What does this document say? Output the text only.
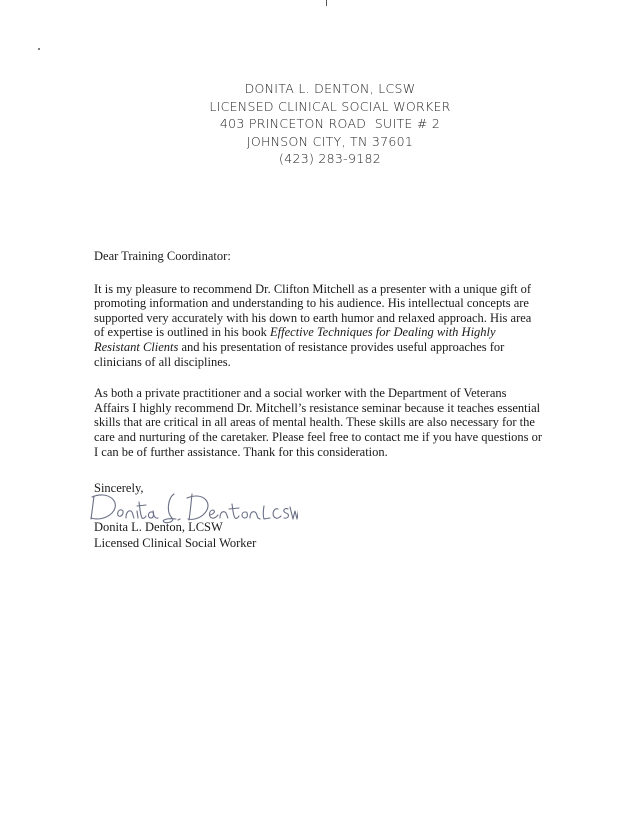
DONITA L. DENTON, LCSW
LICENSED CLINICAL SOCIAL WORKER
403 PRINCETON ROAD  SUITE # 2
JOHNSON CITY, TN 37601
(423) 283-9182
Dear Training Coordinator:
It is my pleasure to recommend Dr. Clifton Mitchell as a presenter with a unique gift of
promoting information and understanding to his audience. His intellectual concepts are
supported very accurately with his down to earth humor and relaxed approach. His area
of expertise is outlined in his book Effective Techniques for Dealing with Highly
Resistant Clients and his presentation of resistance provides useful approaches for
clinicians of all disciplines.
As both a private practitioner and a social worker with the Department of Veterans
Affairs I highly recommend Dr. Mitchell’s resistance seminar because it teaches essential
skills that are critical in all areas of mental health. These skills are also necessary for the
care and nurturing of the caretaker. Please feel free to contact me if you have questions or
I can be of further assistance. Thank for this consideration.
Sincerely,
Donita L. Denton, LCSW
Licensed Clinical Social Worker
